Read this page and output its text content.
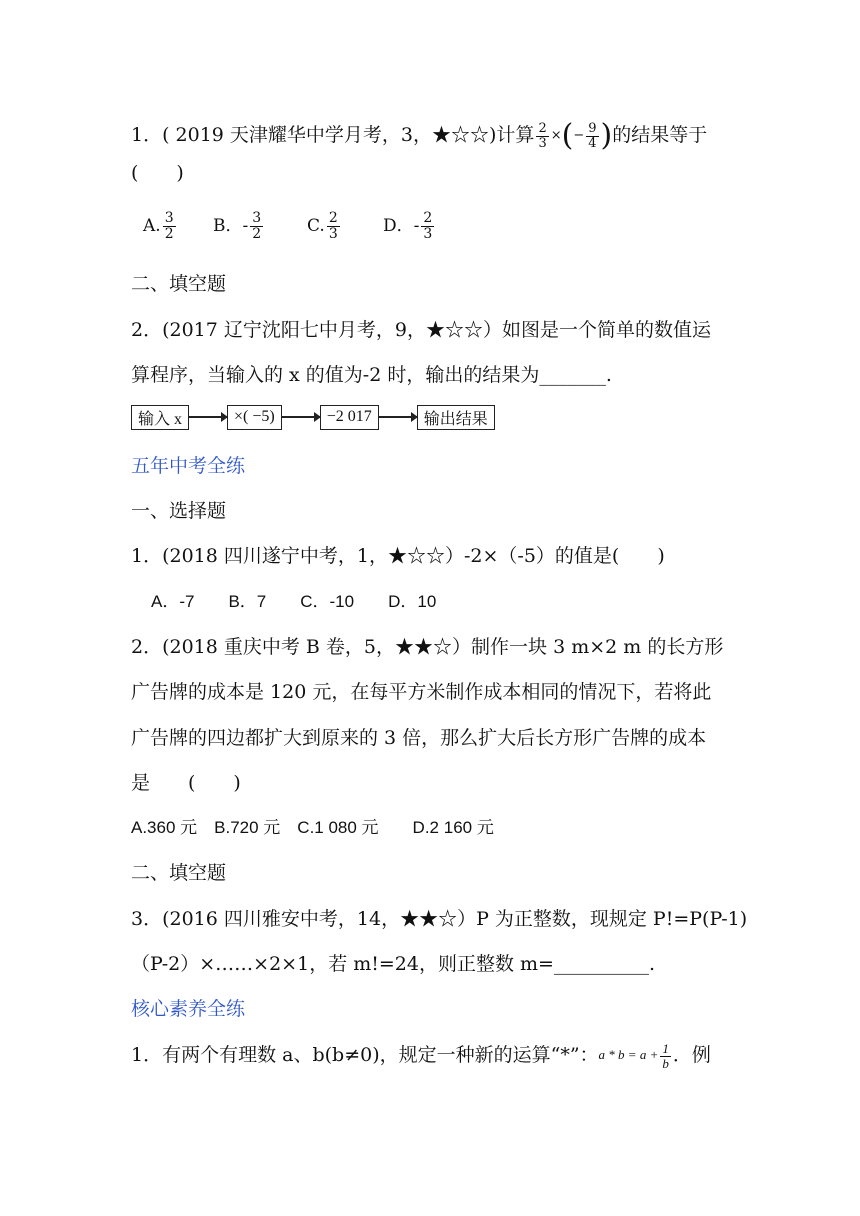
1．( 2019 天津耀华中学月考，3，★☆☆)计算 $\frac{2}{3}$ ×(− $\frac{9}{4}$ )的结果等于
(　　)
A. $\frac{3}{2}$ B．- $\frac{3}{2}$	C. $\frac{2}{3}$	D．- $\frac{2}{3}$
二、填空题
2．(2017 辽宁沈阳七中月考，9，★☆☆）如图是一个简单的数值运
算程序，当输入的 x 的值为-2 时，输出的结果为_______.
输入 x	×( −5)	−2 017	输出结果
五年中考全练
一、选择题
1．(2018 四川遂宁中考，1，★☆☆）-2×（-5）的值是(　　)
A．-7　　B．7　　C．-10　　D．10
2．(2018 重庆中考 B 卷，5，★★☆）制作一块 3 m×2 m 的长方形
广告牌的成本是 120 元，在每平方米制作成本相同的情况下，若将此
广告牌的四边都扩大到原来的 3 倍，那么扩大后长方形广告牌的成本
是　　(　　)
A.360 元　B.720 元　C.1 080 元　　D.2 160 元
二、填空题
3．(2016 四川雅安中考，14，★★☆）P 为正整数，现规定 P!=P(P-1)
（P-2）×……×2×1，若 m!=24，则正整数 m=__________.
核心素养全练
1．有两个有理数 a、b(b≠0)，规定一种新的运算“*”：$a * b = a + \frac{1}{b}$ ．例
